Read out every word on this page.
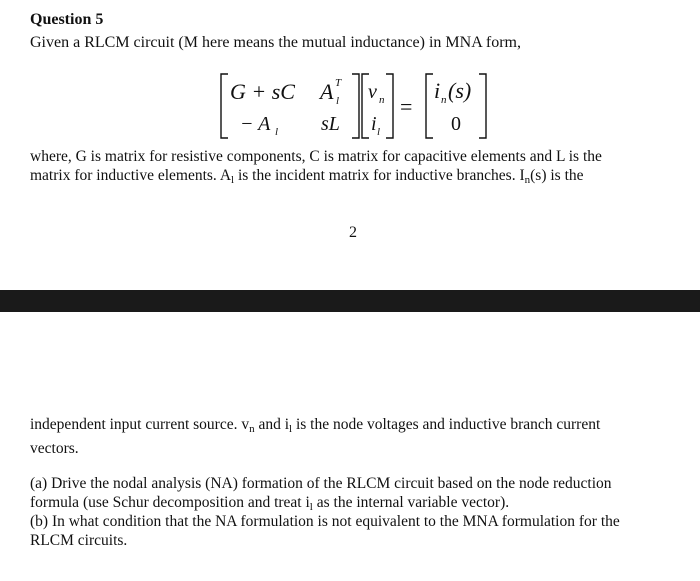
Question 5
Given a RLCM circuit (M here means the mutual inductance) in MNA form,
G + sC A T
l
− A l sL
v n
i l
=
i n (s)
0
where, G is matrix for resistive components, C is matrix for capacitive elements and L is the
matrix for inductive elements. $A_l$ is the incident matrix for inductive branches. $I_n(s)$ is the
2
independent input current source. $v_n$ and $i_l$ is the node voltages and inductive branch current
vectors.
(a) Drive the nodal analysis (NA) formation of the RLCM circuit based on the node reduction
formula (use Schur decomposition and treat $i_l$ as the internal variable vector).
(b) In what condition that the NA formulation is not equivalent to the MNA formulation for the
RLCM circuits.
